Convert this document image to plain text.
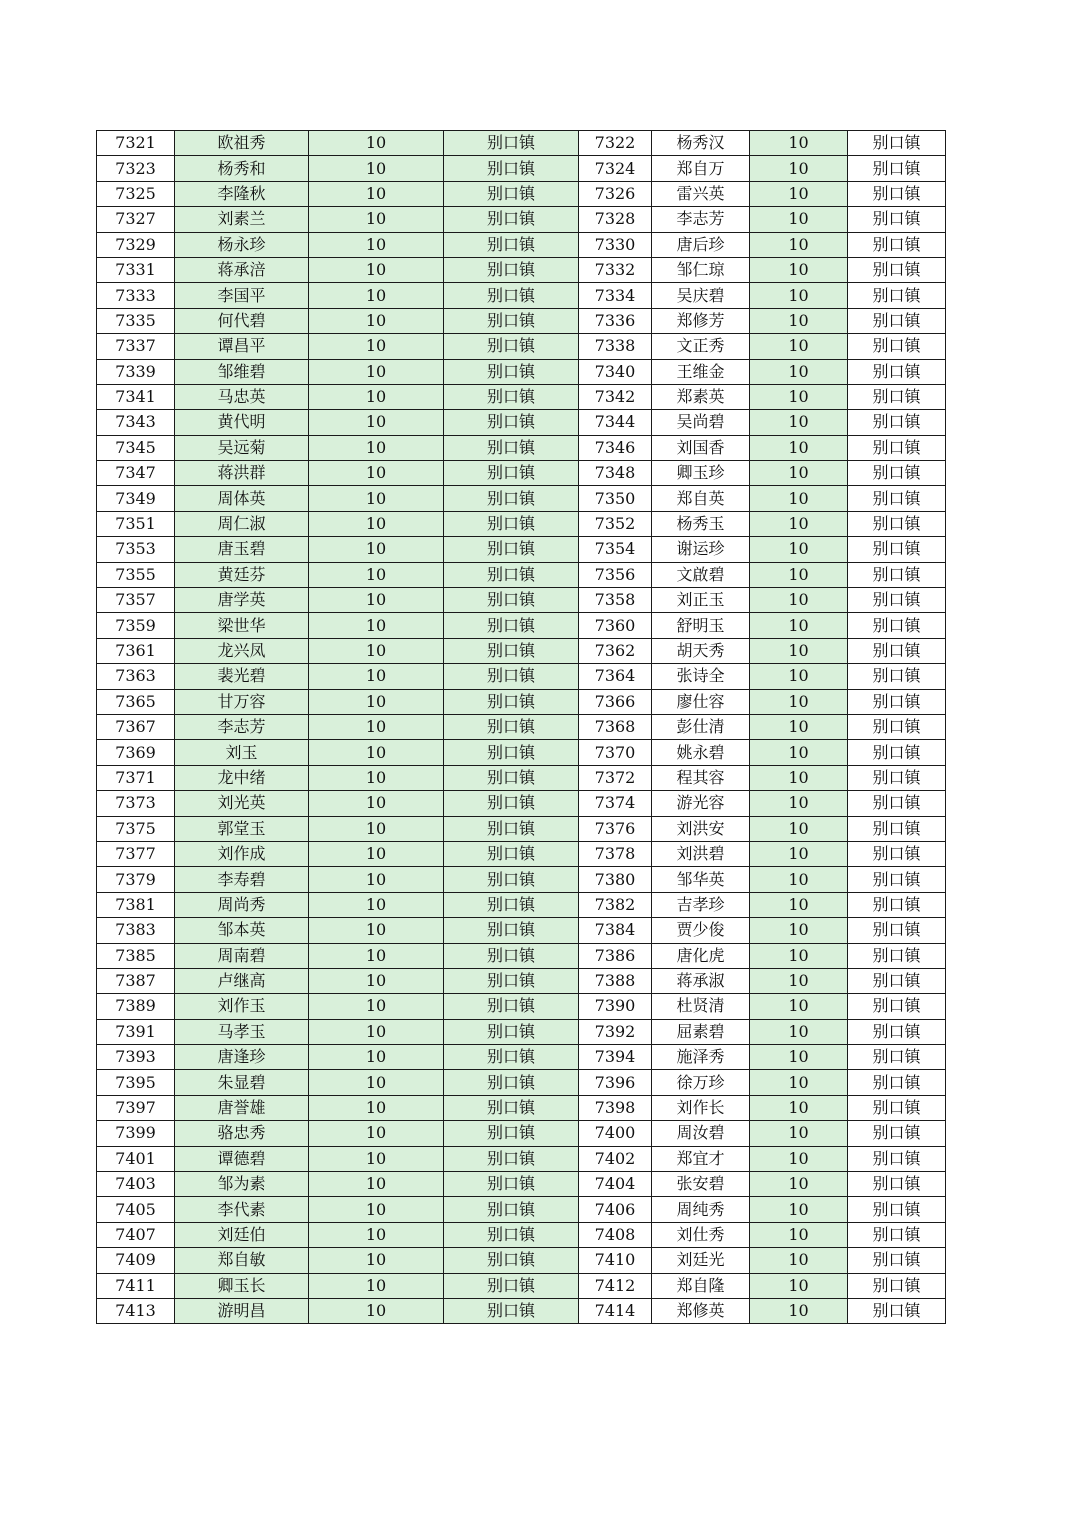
7321	欧祖秀	10	别口镇	7322	杨秀汉	10	别口镇
7323	杨秀和	10	别口镇	7324	郑自万	10	别口镇
7325	李隆秋	10	别口镇	7326	雷兴英	10	别口镇
7327	刘素兰	10	别口镇	7328	李志芳	10	别口镇
7329	杨永珍	10	别口镇	7330	唐后珍	10	别口镇
7331	蒋承涪	10	别口镇	7332	邹仁琼	10	别口镇
7333	李国平	10	别口镇	7334	吴庆碧	10	别口镇
7335	何代碧	10	别口镇	7336	郑修芳	10	别口镇
7337	谭昌平	10	别口镇	7338	文正秀	10	别口镇
7339	邹维碧	10	别口镇	7340	王维金	10	别口镇
7341	马忠英	10	别口镇	7342	郑素英	10	别口镇
7343	黄代明	10	别口镇	7344	吴尚碧	10	别口镇
7345	吴远菊	10	别口镇	7346	刘国香	10	别口镇
7347	蒋洪群	10	别口镇	7348	卿玉珍	10	别口镇
7349	周体英	10	别口镇	7350	郑自英	10	别口镇
7351	周仁淑	10	别口镇	7352	杨秀玉	10	别口镇
7353	唐玉碧	10	别口镇	7354	谢运珍	10	别口镇
7355	黄廷芬	10	别口镇	7356	文啟碧	10	别口镇
7357	唐学英	10	别口镇	7358	刘正玉	10	别口镇
7359	梁世华	10	别口镇	7360	舒明玉	10	别口镇
7361	龙兴凤	10	别口镇	7362	胡天秀	10	别口镇
7363	裴光碧	10	别口镇	7364	张诗全	10	别口镇
7365	甘万容	10	别口镇	7366	廖仕容	10	别口镇
7367	李志芳	10	别口镇	7368	彭仕清	10	别口镇
7369	刘玉	10	别口镇	7370	姚永碧	10	别口镇
7371	龙中绪	10	别口镇	7372	程其容	10	别口镇
7373	刘光英	10	别口镇	7374	游光容	10	别口镇
7375	郭堂玉	10	别口镇	7376	刘洪安	10	别口镇
7377	刘作成	10	别口镇	7378	刘洪碧	10	别口镇
7379	李寿碧	10	别口镇	7380	邹华英	10	别口镇
7381	周尚秀	10	别口镇	7382	吉孝珍	10	别口镇
7383	邹本英	10	别口镇	7384	贾少俊	10	别口镇
7385	周南碧	10	别口镇	7386	唐化虎	10	别口镇
7387	卢继高	10	别口镇	7388	蒋承淑	10	别口镇
7389	刘作玉	10	别口镇	7390	杜贤清	10	别口镇
7391	马孝玉	10	别口镇	7392	屈素碧	10	别口镇
7393	唐逢珍	10	别口镇	7394	施泽秀	10	别口镇
7395	朱显碧	10	别口镇	7396	徐万珍	10	别口镇
7397	唐誉雄	10	别口镇	7398	刘作长	10	别口镇
7399	骆忠秀	10	别口镇	7400	周汝碧	10	别口镇
7401	谭德碧	10	别口镇	7402	郑宜才	10	别口镇
7403	邹为素	10	别口镇	7404	张安碧	10	别口镇
7405	李代素	10	别口镇	7406	周纯秀	10	别口镇
7407	刘廷伯	10	别口镇	7408	刘仕秀	10	别口镇
7409	郑自敏	10	别口镇	7410	刘廷光	10	别口镇
7411	卿玉长	10	别口镇	7412	郑自隆	10	别口镇
7413	游明昌	10	别口镇	7414	郑修英	10	别口镇
